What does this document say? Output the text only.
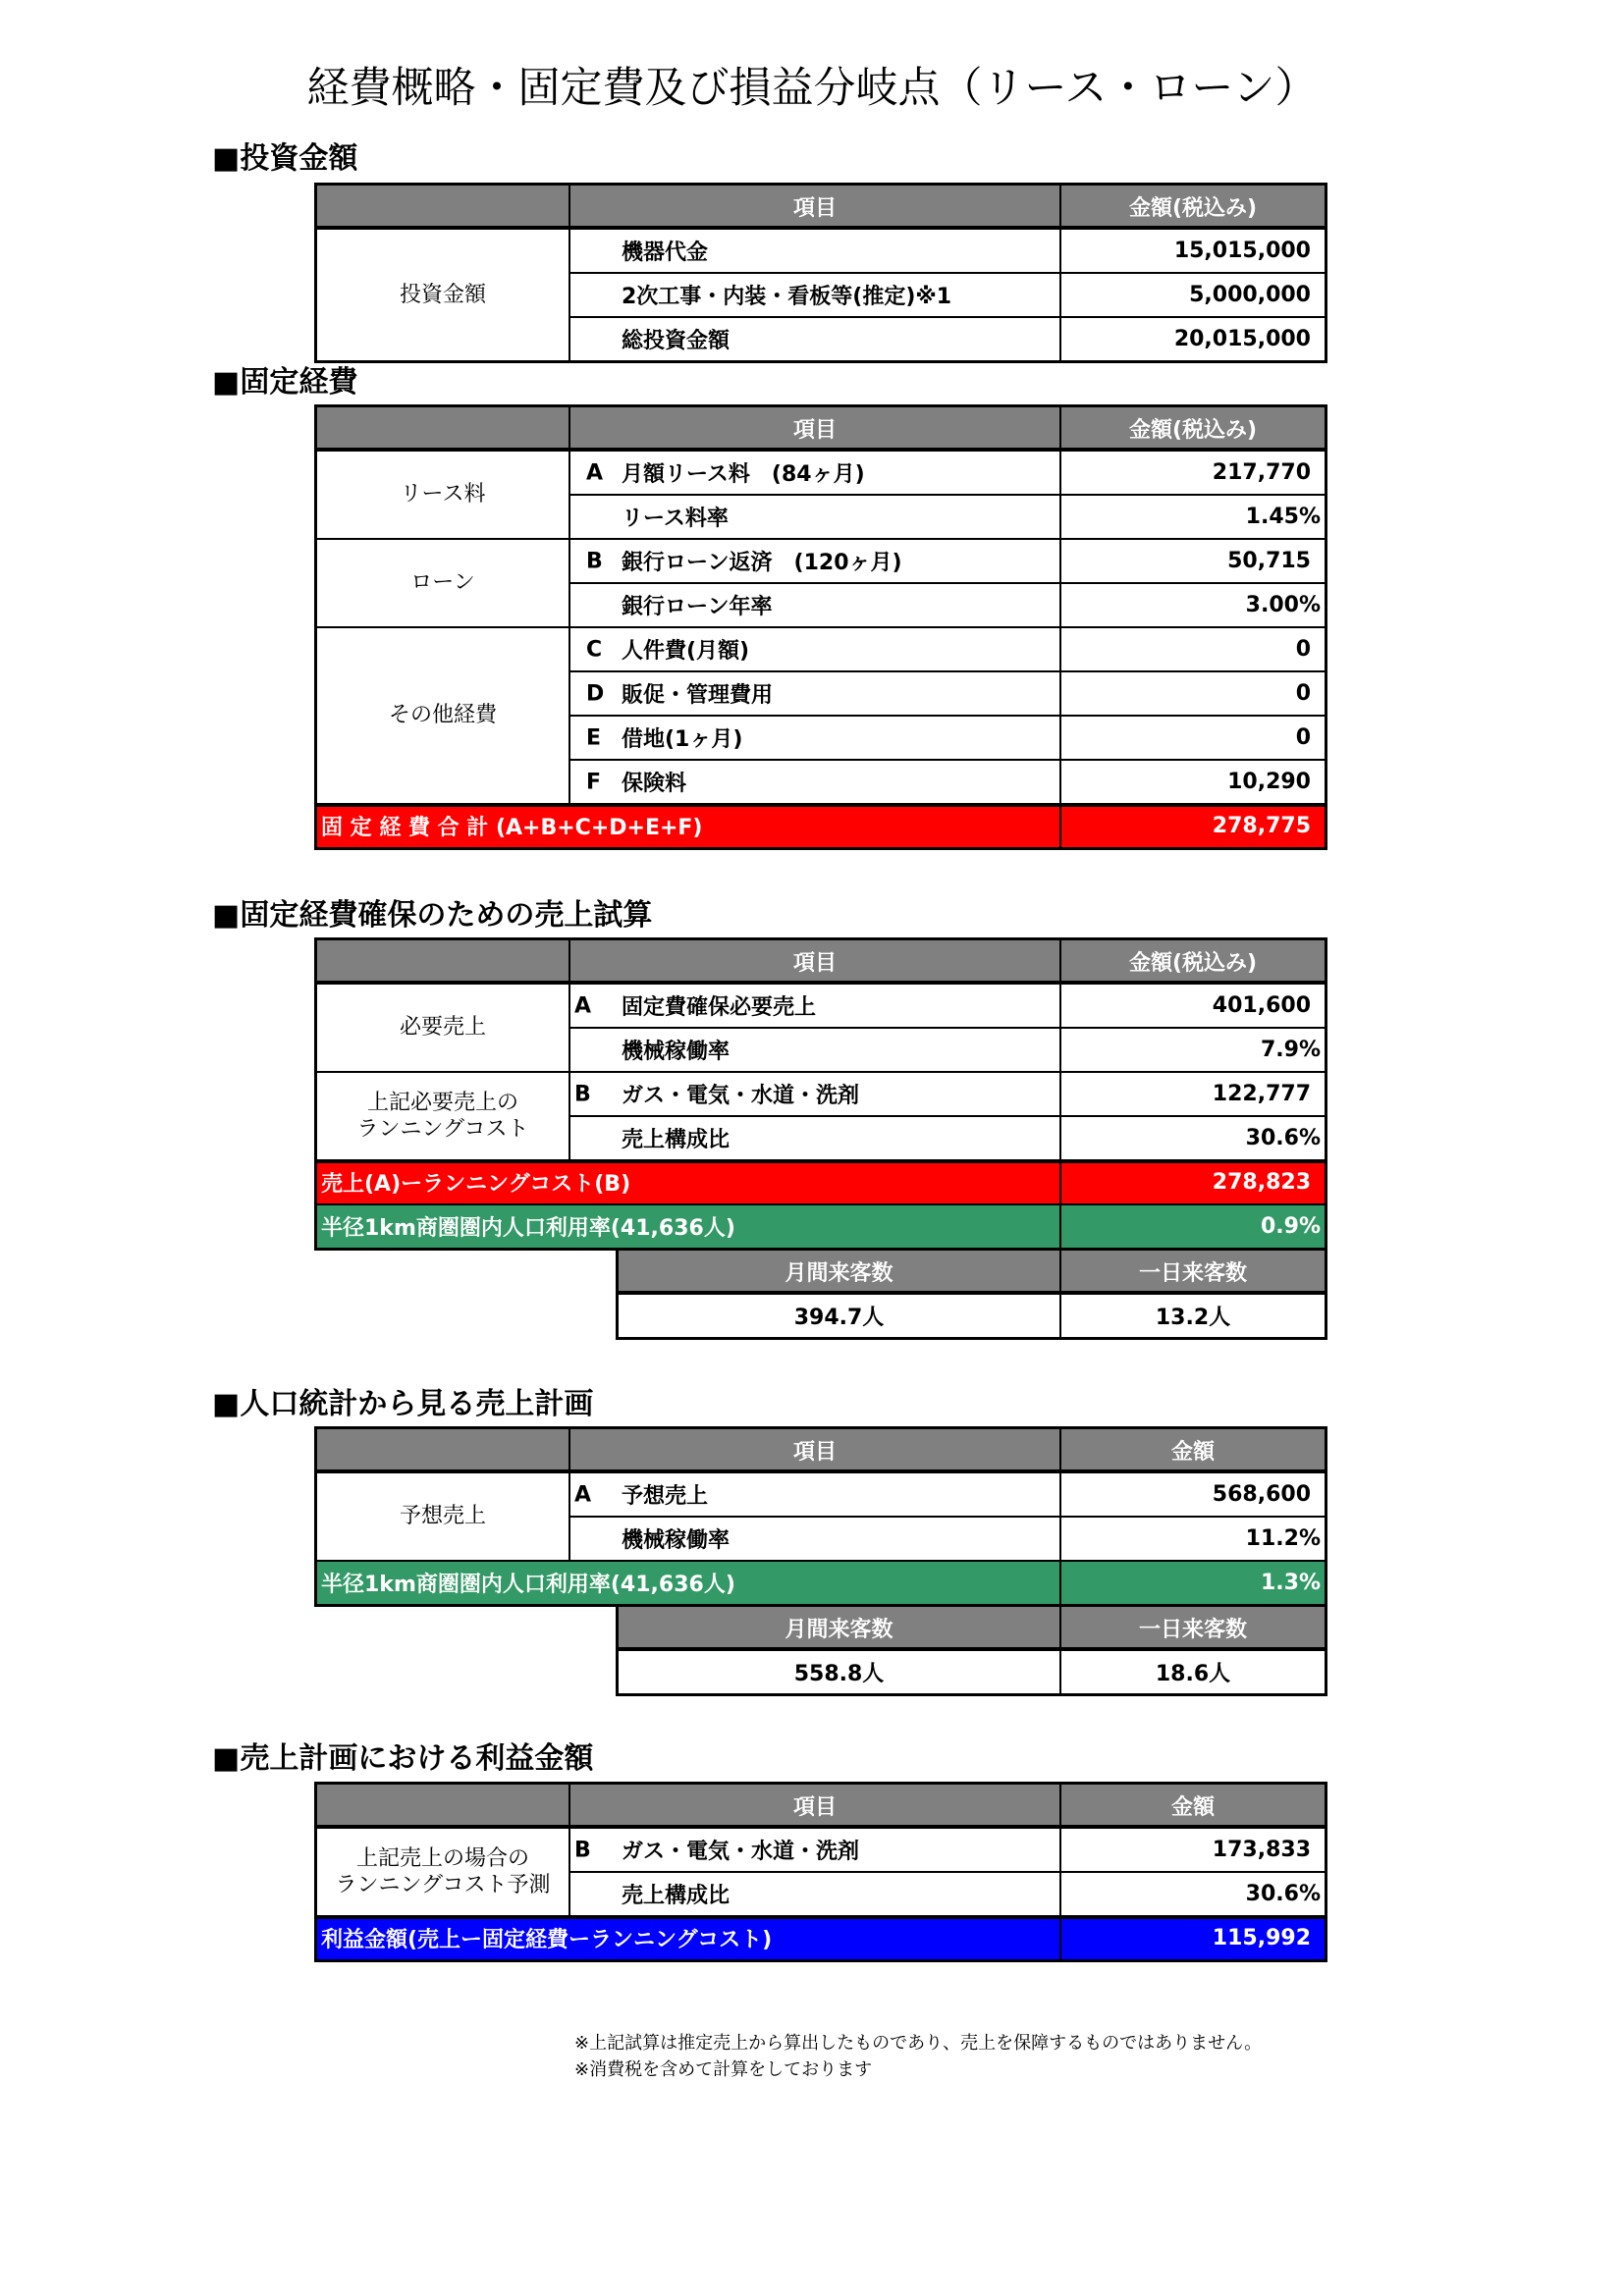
経費概略・固定費及び損益分岐点（リース・ローン）
■投資金額
項目	金額(税込み)
投資金額
機器代金	15,015,000
2次工事・内装・看板等(推定)※1	5,000,000
総投資金額	20,015,000
■固定経費
項目	金額(税込み)
リース料
A 月額リース料　(84ヶ月)	217,770
リース料率	1.45%
ローン
B 銀行ローン返済　(120ヶ月)	50,715
銀行ローン年率	3.00%
その他経費
C 人件費(月額)	0
D 販促・管理費用	0
E 借地(1ヶ月)	0
F 保険料	10,290
固 定 経 費 合 計 (A+B+C+D+E+F)	278,775
■固定経費確保のための売上試算
項目	金額(税込み)
必要売上
A 固定費確保必要売上	401,600
機械稼働率	7.9%
上記必要売上の
ランニングコスト
B ガス・電気・水道・洗剤	122,777
売上構成比	30.6%
売上(A)ーランニングコスト(B)	278,823
半径1km商圏圏内人口利用率(41,636人)	0.9%
月間来客数	一日来客数
394.7人	13.2人
■人口統計から見る売上計画
項目	金額
予想売上
A 予想売上	568,600
機械稼働率	11.2%
半径1km商圏圏内人口利用率(41,636人)	1.3%
月間来客数	一日来客数
558.8人	18.6人
■売上計画における利益金額
項目	金額
上記売上の場合の
ランニングコスト予測
B ガス・電気・水道・洗剤	173,833
売上構成比	30.6%
利益金額(売上ー固定経費ーランニングコスト)	115,992
※上記試算は推定売上から算出したものであり、売上を保障するものではありません。
※消費税を含めて計算をしております
